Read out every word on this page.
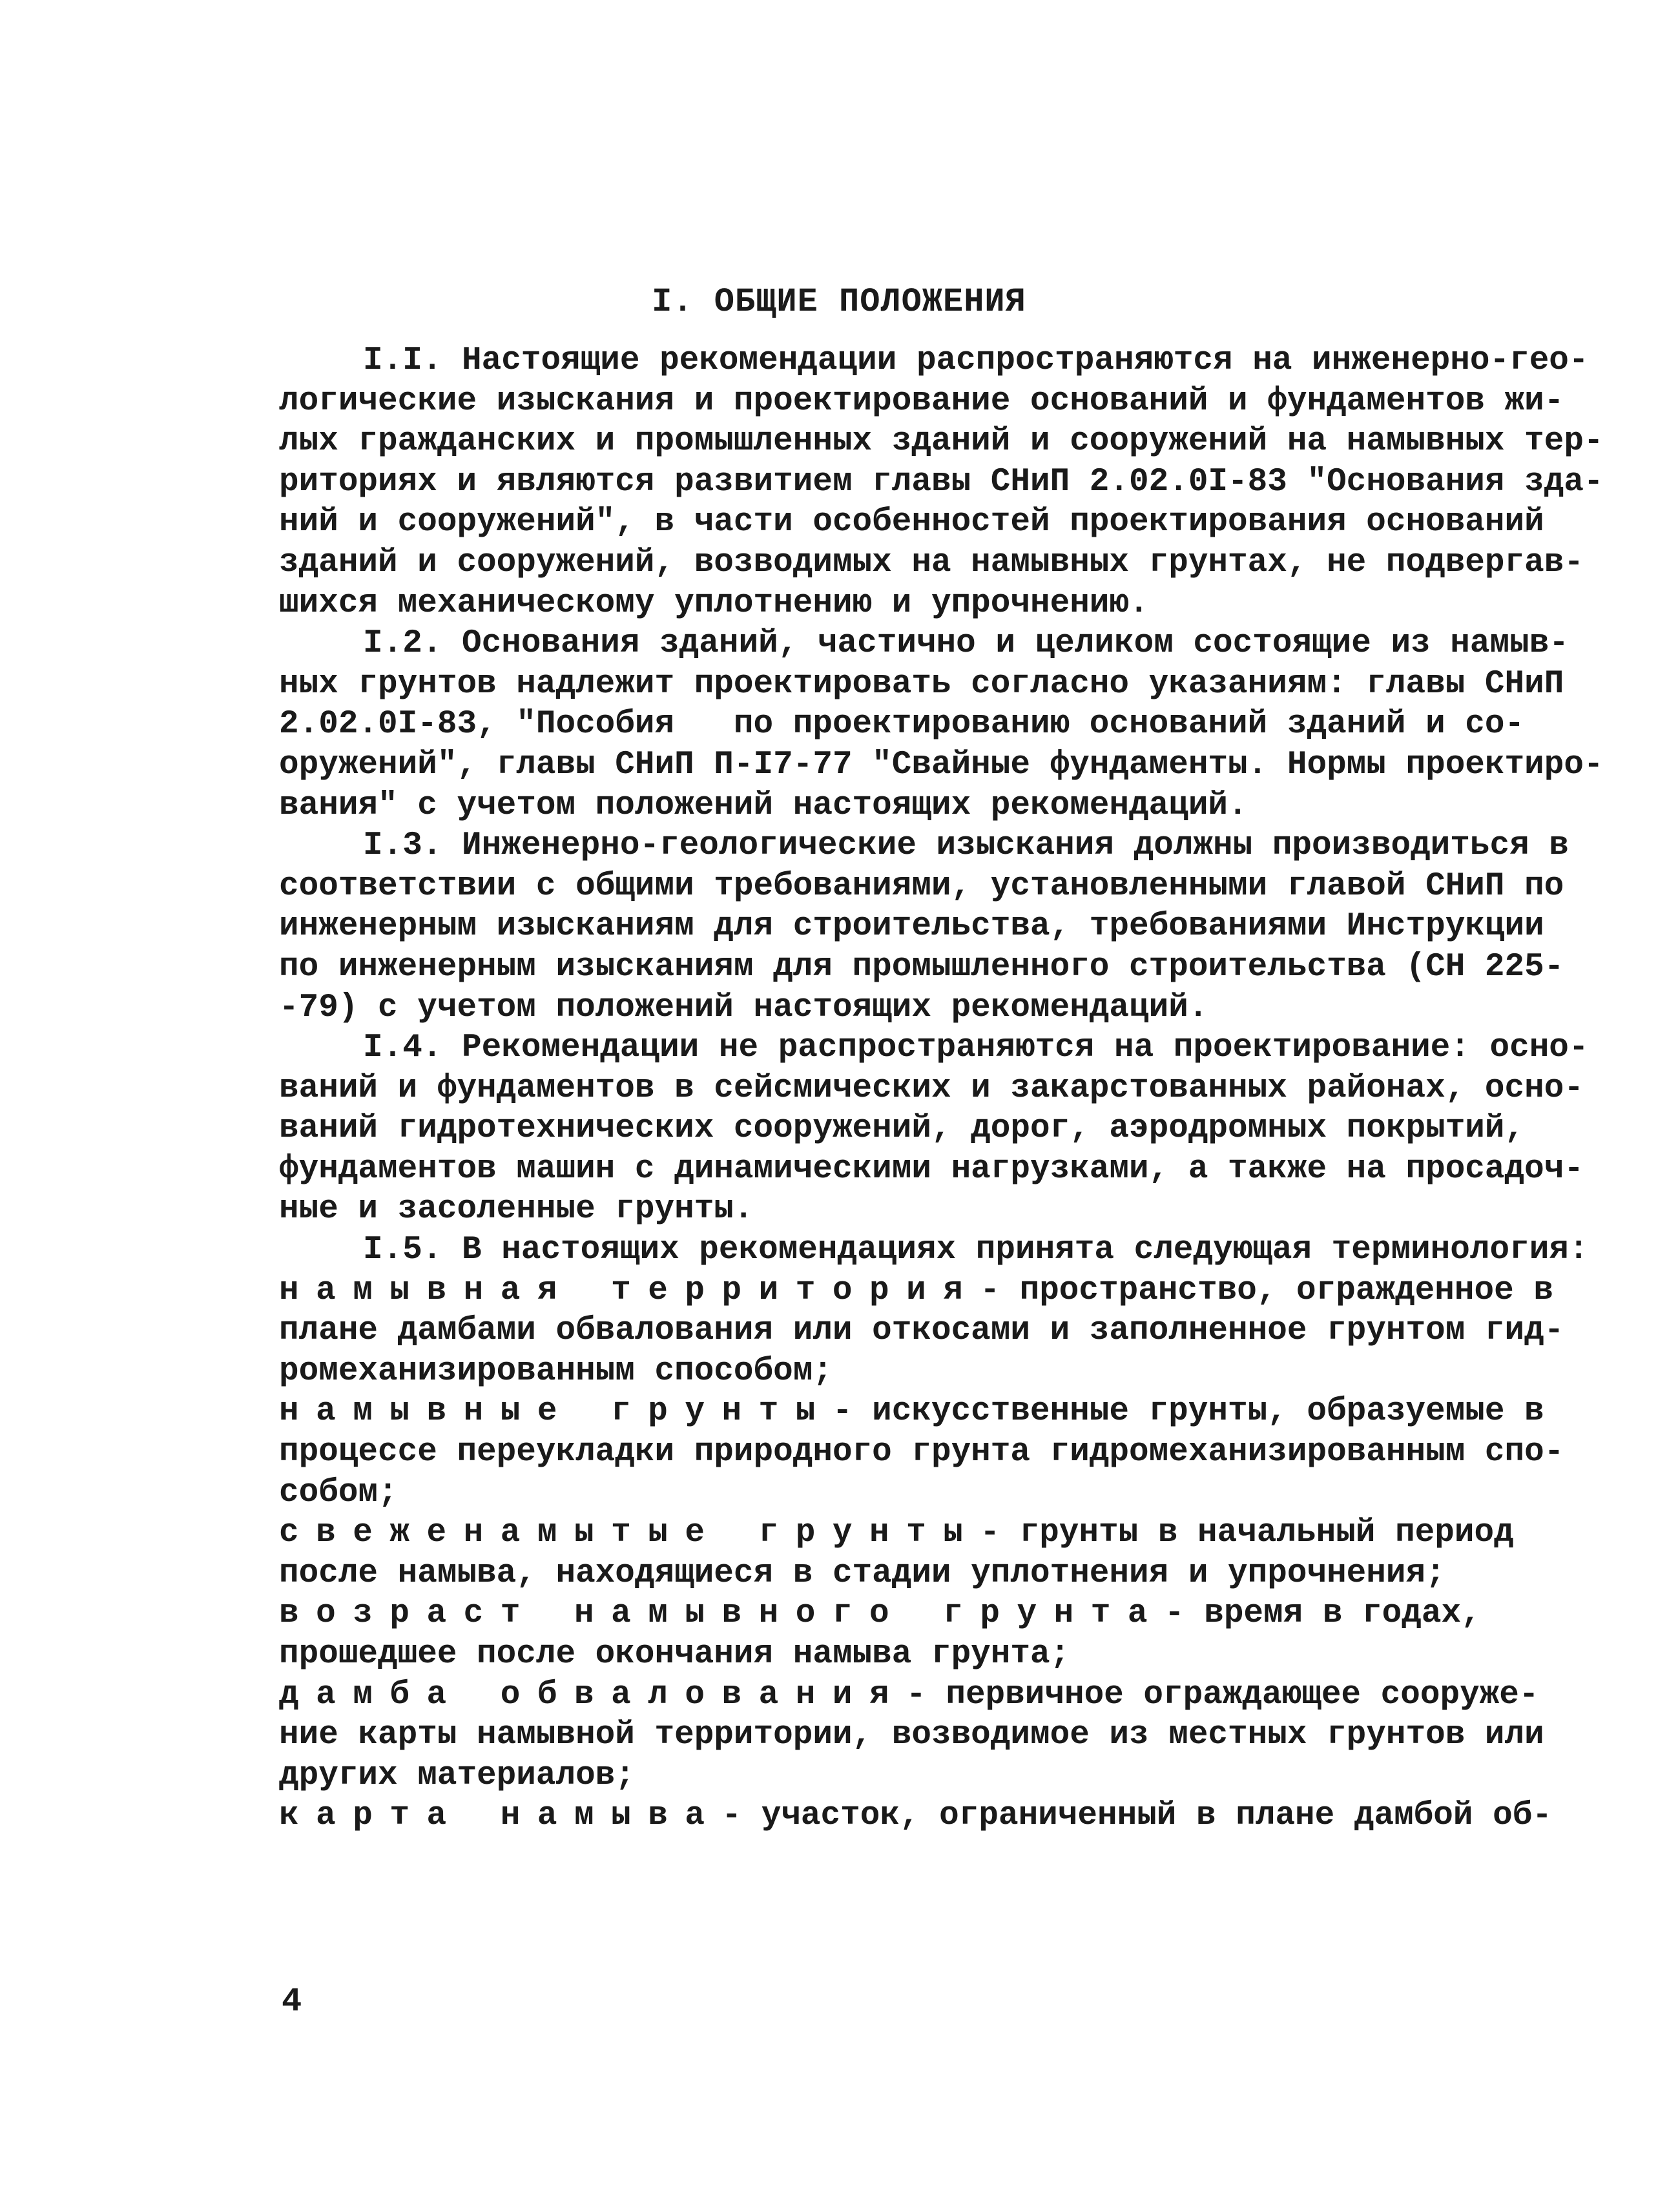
I. ОБЩИЕ ПОЛОЖЕНИЯ
I.I. Настоящие рекомендации распространяются на инженерно-гео-
логические изыскания и проектирование оснований и фундаментов жи-
лых гражданских и промышленных зданий и сооружений на намывных тер-
риториях и являются развитием главы СНиП 2.02.0I-83 "Основания зда-
ний и сооружений", в части особенностей проектирования оснований
зданий и сооружений, возводимых на намывных грунтах, не подвергав-
шихся механическому уплотнению и упрочнению.
I.2. Основания зданий, частично и целиком состоящие из намыв-
ных грунтов надлежит проектировать согласно указаниям: главы СНиП
2.02.0I-83, "Пособия   по проектированию оснований зданий и со-
оружений", главы СНиП П-I7-77 "Свайные фундаменты. Нормы проектиро-
вания" с учетом положений настоящих рекомендаций.
I.3. Инженерно-геологические изыскания должны производиться в
соответствии с общими требованиями, установленными главой СНиП по
инженерным изысканиям для строительства, требованиями Инструкции
по инженерным изысканиям для промышленного строительства (СН 225-
-79) с учетом положений настоящих рекомендаций.
I.4. Рекомендации не распространяются на проектирование: осно-
ваний и фундаментов в сейсмических и закарстованных районах, осно-
ваний гидротехнических сооружений, дорог, аэродромных покрытий,
фундаментов машин с динамическими нагрузками, а также на просадоч-
ные и засоленные грунты.
I.5. В настоящих рекомендациях принята следующая терминология:
намывная территория- пространство, огражденное в
плане дамбами обвалования или откосами и заполненное грунтом гид-
ромеханизированным способом;
намывные грунты- искусственные грунты, образуемые в
процессе переукладки природного грунта гидромеханизированным спо-
собом;
свеженамытые грунты- грунты в начальный период
после намыва, находящиеся в стадии уплотнения и упрочнения;
возраст намывного грунта- время в годах,
прошедшее после окончания намыва грунта;
дамба обвалования- первичное ограждающее сооруже-
ние карты намывной территории, возводимое из местных грунтов или
других материалов;
карта намыва- участок, ограниченный в плане дамбой об-
4
